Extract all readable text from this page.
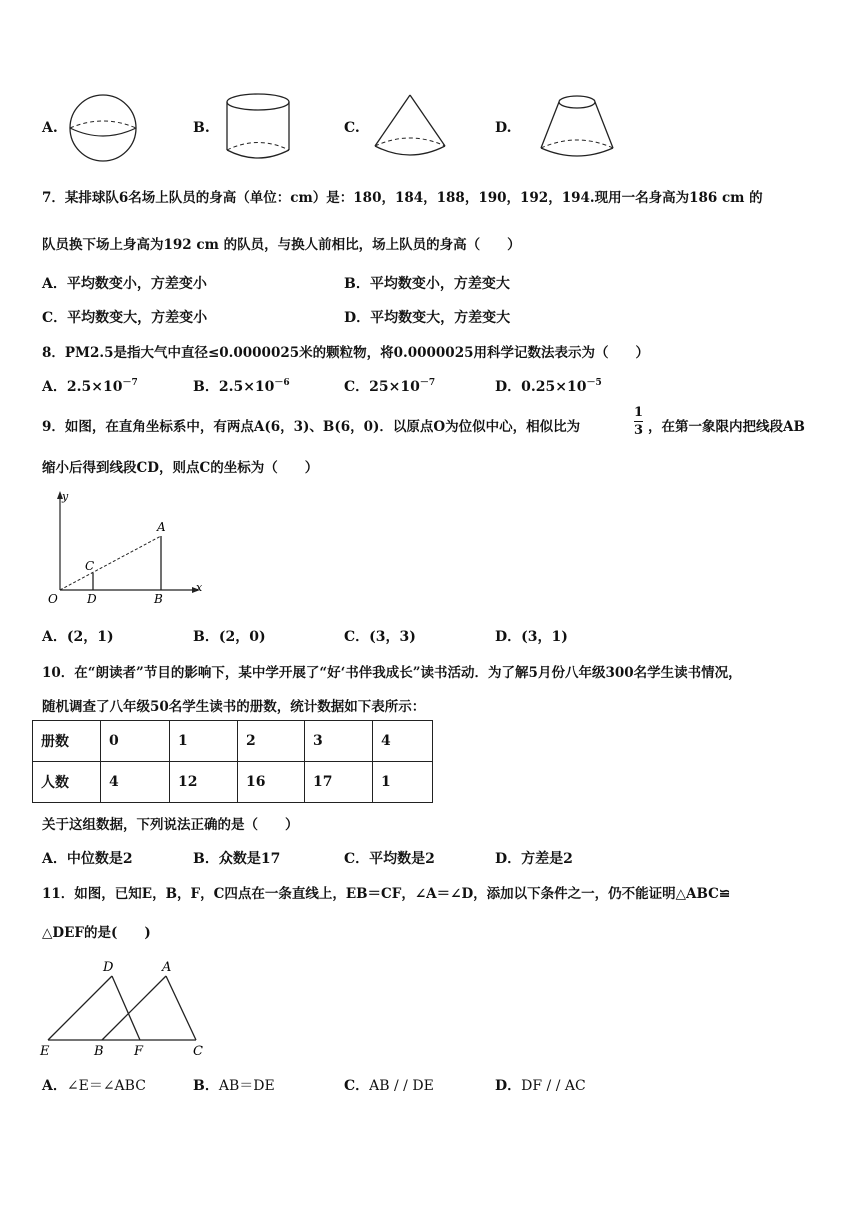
A.	B.	C.	D.
7．某排球队6名场上队员的身高（单位：cm）是：180，184，188，190，192，194.现用一名身高为186 cm 的
队员换下场上身高为192 cm 的队员，与换人前相比，场上队员的身高（　　）
A．平均数变小，方差变小	B．平均数变小，方差变大
C．平均数变大，方差变小	D．平均数变大，方差变大
8．PM2.5是指大气中直径≤0.0000025米的颗粒物，将0.0000025用科学记数法表示为（　　）
A．$2.5\times 10^{-7}$	B．$2.5\times 10^{-6}$	C．$25\times 10^{-7}$	D．$0.25\times 10^{-5}$
9．如图，在直角坐标系中，有两点A(6，3)、B(6，0)．以原点O为位似中心，相似比为
1
3 ，在第一象限内把线段AB
缩小后得到线段CD，则点C的坐标为（　　）
y
x
O
A
B
C
D
A．(2，1)	B．(2，0)	C．(3，3)	D．(3，1)
10．在“朗读者”节目的影响下，某中学开展了“好‘书伴我成长”读书活动．为了解5月份八年级300名学生读书情况，
随机调查了八年级50名学生读书的册数，统计数据如下表所示：
册数	0	1	2	3	4
人数	4	12	16	17	1
关于这组数据，下列说法正确的是（　　）
A．中位数是2	B．众数是17	C．平均数是2	D．方差是2
11．如图，已知E，B，F，C四点在一条直线上，EB＝CF，∠A＝∠D，添加以下条件之一，仍不能证明△ABC≌
△DEF的是(　　)
D	A
E	B F	C
A．∠E＝∠ABC	B．AB＝DE	C．AB / / DE	D．DF / / AC
